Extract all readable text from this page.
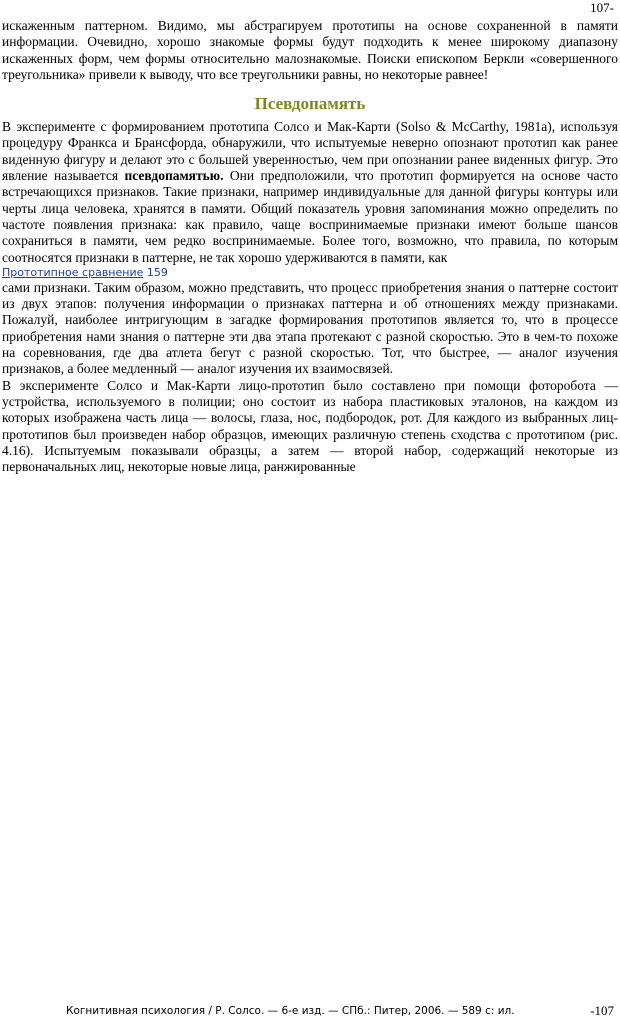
107-

искаженным паттерном. Видимо, мы абстрагируем прототипы на основе сохраненной в памяти информации. Очевидно, хорошо знакомые формы будут подходить к менее широкому диапазону искаженных форм, чем формы относительно малознакомые. Поиски епископом Беркли «совершенного треугольника» привели к выводу, что все треугольники равны, но некоторые равнее!

Псевдопамять

В эксперименте с формированием прототипа Солсо и Мак-Карти (Solso & McCarthy, 1981a), используя процедуру Франкса и Брансфорда, обнаружили, что испытуемые неверно опознают прототип как ранее виденную фигуру и делают это с большей уверенностью, чем при опознании ранее виденных фигур. Это явление называется псевдопамятью. Они предположили, что прототип формируется на основе часто встречающихся признаков. Такие признаки, например индивидуальные для данной фигуры контуры или черты лица человека, хранятся в памяти. Общий показатель уровня запоминания можно определить по частоте появления признака: как правило, чаще воспринимаемые признаки имеют больше шансов сохраниться в памяти, чем редко воспринимаемые. Более того, возможно, что правила, по которым соотносятся признаки в паттерне, не так хорошо удерживаются в памяти, как

Прототипное сравнение 159

сами признаки. Таким образом, можно представить, что процесс приобретения знания о паттерне состоит из двух этапов: получения информации о признаках паттерна и об отношениях между признаками. Пожалуй, наиболее интригующим в загадке формирования прототипов является то, что в процессе приобретения нами знания о паттерне эти два этапа протекают с разной скоростью. Это в чем-то похоже на соревнования, где два атлета бегут с разной скоростью. Тот, что быстрее, — аналог изучения признаков, а более медленный — аналог изучения их взаимосвязей.

В эксперименте Солсо и Мак-Карти лицо-прототип было составлено при помощи фоторобота — устройства, используемого в полиции; оно состоит из набора пластиковых эталонов, на каждом из которых изображена часть лица — волосы, глаза, нос, подбородок, рот. Для каждого из выбранных лиц-прототипов был произведен набор образцов, имеющих различную степень сходства с прототипом (рис. 4.16). Испытуемым показывали образцы, а затем — второй набор, содержащий некоторые из первоначальных лиц, некоторые новые лица, ранжированные

Когнитивная психология / Р. Солсо. — 6-е изд. — СПб.: Питер, 2006. — 589 с: ил.	-107
